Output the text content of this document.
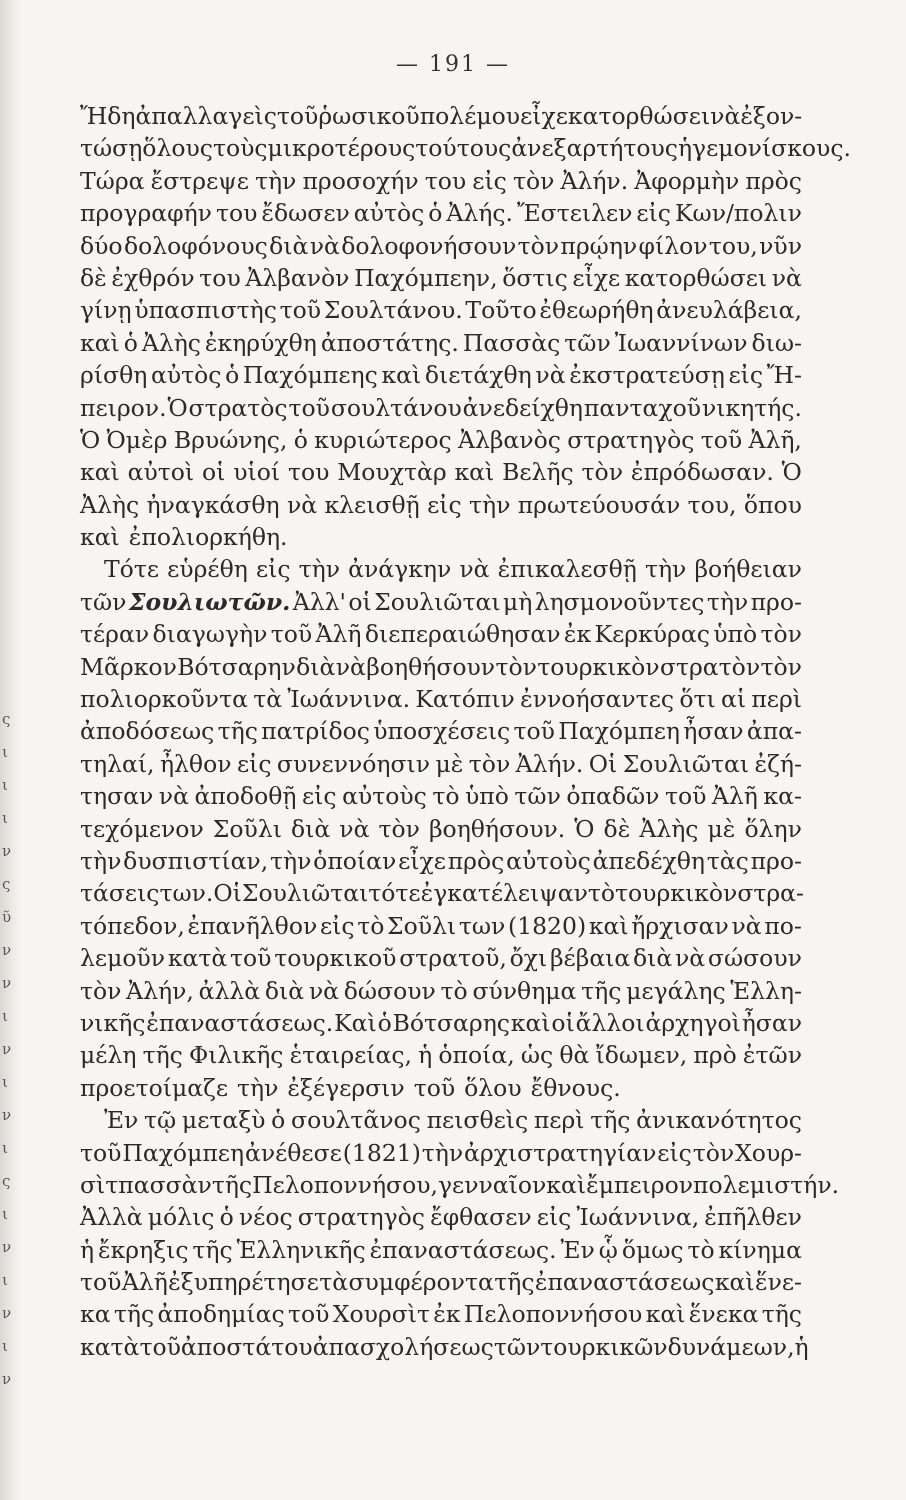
ς
ι
ι
ι
ν
ς
ῦ
ν
ν
ι
ν
ι
ν
ι
ς
ι
ν
ι
ν
ι
ν
— 191 —
Ἤδη ἀπαλλαγεὶς τοῦ ῥωσικοῦ πολέμου εἶχε κατορθώσει νὰ ἐξον-
τώσῃ ὅλους τοὺς μικροτέρους τούτους ἀνεξαρτήτους ἡγεμονίσκους.
Τώρα ἔστρεψε τὴν προσοχήν του εἰς τὸν Ἀλήν. Ἀφορμὴν πρὸς
προγραφήν του ἔδωσεν αὐτὸς ὁ Ἀλής. Ἔστειλεν εἰς Κων/πολιν
δύο δολοφόνους διὰ νὰ δολοφονήσουν τὸν πρῴην φίλον του, νῦν
δὲ ἐχθρόν του Ἀλβανὸν Παχόμπεην, ὅστις εἶχε κατορθώσει νὰ
γίνῃ ὑπασπιστὴς τοῦ Σουλτάνου. Τοῦτο ἐθεωρήθη ἀνευλάβεια,
καὶ ὁ Ἀλὴς ἐκηρύχθη ἀποστάτης. Πασσὰς τῶν Ἰωαννίνων διω-
ρίσθη αὐτὸς ὁ Παχόμπεης καὶ διετάχθη νὰ ἐκστρατεύσῃ εἰς Ἤ-
πειρον. Ὁ στρατὸς τοῦ σουλτάνου ἀνεδείχθη πανταχοῦ νικητής.
Ὁ Ὀμὲρ Βρυώνης, ὁ κυριώτερος Ἀλβανὸς στρατηγὸς τοῦ Ἀλῆ,
καὶ αὐτοὶ οἱ υἱοί του Μουχτὰρ καὶ Βελῆς τὸν ἐπρόδωσαν. Ὁ
Ἀλὴς ἠναγκάσθη νὰ κλεισθῇ εἰς τὴν πρωτεύουσάν του, ὅπου
καὶ ἐπολιορκήθη.
Τότε εὑρέθη εἰς τὴν ἀνάγκην νὰ ἐπικαλεσθῇ τὴν βοήθειαν
τῶν Σουλιωτῶν. Ἀλλ' οἱ Σουλιῶται μὴ λησμονοῦντες τὴν προ-
τέραν διαγωγὴν τοῦ Ἀλῆ διεπεραιώθησαν ἐκ Κερκύρας ὑπὸ τὸν
Μᾶρκον Βότσαρην διὰ νὰ βοηθήσουν τὸν τουρκικὸν στρατὸν τὸν
πολιορκοῦντα τὰ Ἰωάννινα. Κατόπιν ἐννοήσαντες ὅτι αἱ περὶ
ἀποδόσεως τῆς πατρίδος ὑποσχέσεις τοῦ Παχόμπεη ἦσαν ἀπα-
τηλαί, ἦλθον εἰς συνεννόησιν μὲ τὸν Ἀλήν. Οἱ Σουλιῶται ἐζή-
τησαν νὰ ἀποδοθῇ εἰς αὐτοὺς τὸ ὑπὸ τῶν ὀπαδῶν τοῦ Ἀλῆ κα-
τεχόμενον Σοῦλι διὰ νὰ τὸν βοηθήσουν. Ὁ δὲ Ἀλὴς μὲ ὅλην
τὴν δυσπιστίαν, τὴν ὁποίαν εἶχε πρὸς αὐτοὺς ἀπεδέχθη τὰς προ-
τάσεις των. Οἱ Σουλιῶται τότε ἐγκατέλειψαν τὸ τουρκικὸν στρα-
τόπεδον, ἐπανῆλθον εἰς τὸ Σοῦλι των (1820) καὶ ἤρχισαν νὰ πο-
λεμοῦν κατὰ τοῦ τουρκικοῦ στρατοῦ, ὄχι βέβαια διὰ νὰ σώσουν
τὸν Ἀλήν, ἀλλὰ διὰ νὰ δώσουν τὸ σύνθημα τῆς μεγάλης Ἑλλη-
νικῆς ἐπαναστάσεως. Καὶ ὁ Βότσαρης καὶ οἱ ἄλλοι ἀρχηγοὶ ἦσαν
μέλη τῆς Φιλικῆς ἑταιρείας, ἡ ὁποία, ὡς θὰ ἴδωμεν, πρὸ ἐτῶν
προετοίμαζε τὴν ἐξέγερσιν τοῦ ὅλου ἔθνους.
Ἐν τῷ μεταξὺ ὁ σουλτᾶνος πεισθεὶς περὶ τῆς ἀνικανότητος
τοῦ Παχόμπεη ἀνέθεσε (1821) τὴν ἀρχιστρατηγίαν εἰς τὸν Χουρ-
σὶτ πασσὰν τῆς Πελοποννήσου, γενναῖον καὶ ἔμπειρον πολεμιστήν.
Ἀλλὰ μόλις ὁ νέος στρατηγὸς ἔφθασεν εἰς Ἰωάννινα, ἐπῆλθεν
ἡ ἔκρηξις τῆς Ἑλληνικῆς ἐπαναστάσεως. Ἐν ᾧ ὅμως τὸ κίνημα
τοῦ Ἀλῆ ἐξυπηρέτησε τὰ συμφέροντα τῆς ἐπαναστάσεως καὶ ἕνε-
κα τῆς ἀποδημίας τοῦ Χουρσὶτ ἐκ Πελοποννήσου καὶ ἕνεκα τῆς
κατὰ τοῦ ἀποστάτου ἀπασχολήσεως τῶν τουρκικῶν δυνάμεων, ἡ
